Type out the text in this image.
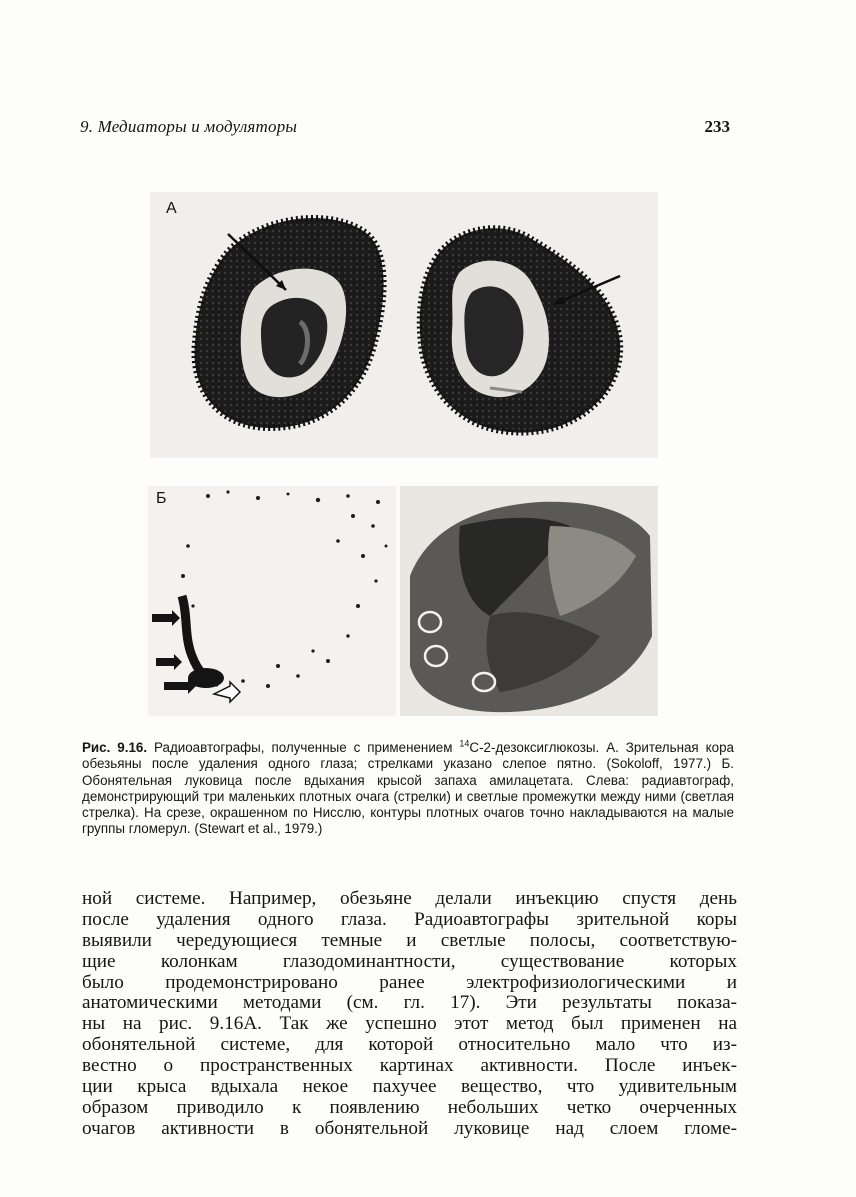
9. Медиаторы и модуляторы	233
А
Б
Рис. 9.16. Радиоавтографы, полученные с применением $^{14}$С-2-дезоксиглюкозы. А. Зрительная кора обезьяны после удаления одного глаза; стрелками указано слепое пятно. (Sokoloff, 1977.) Б. Обонятельная луковица после вдыхания крысой запаха амилацетата. Слева: радиавтограф, демонстрирующий три маленьких плотных очага (стрелки) и светлые промежутки между ними (светлая стрелка). На срезе, окрашенном по Нисслю, контуры плотных очагов точно накладываются на малые группы гломерул. (Stewart et al., 1979.)
ной системе. Например, обезьяне делали инъекцию спустя день
после удаления одного глаза. Радиоавтографы зрительной коры
выявили чередующиеся темные и светлые полосы, соответствую-
щие колонкам глазодоминантности, существование которых
было продемонстрировано ранее электрофизиологическими и
анатомическими методами (см. гл. 17). Эти результаты показа-
ны на рис. 9.16А. Так же успешно этот метод был применен на
обонятельной системе, для которой относительно мало что из-
вестно о пространственных картинах активности. После инъек-
ции крыса вдыхала некое пахучее вещество, что удивительным
образом приводило к появлению небольших четко очерченных
очагов активности в обонятельной луковице над слоем гломе-
